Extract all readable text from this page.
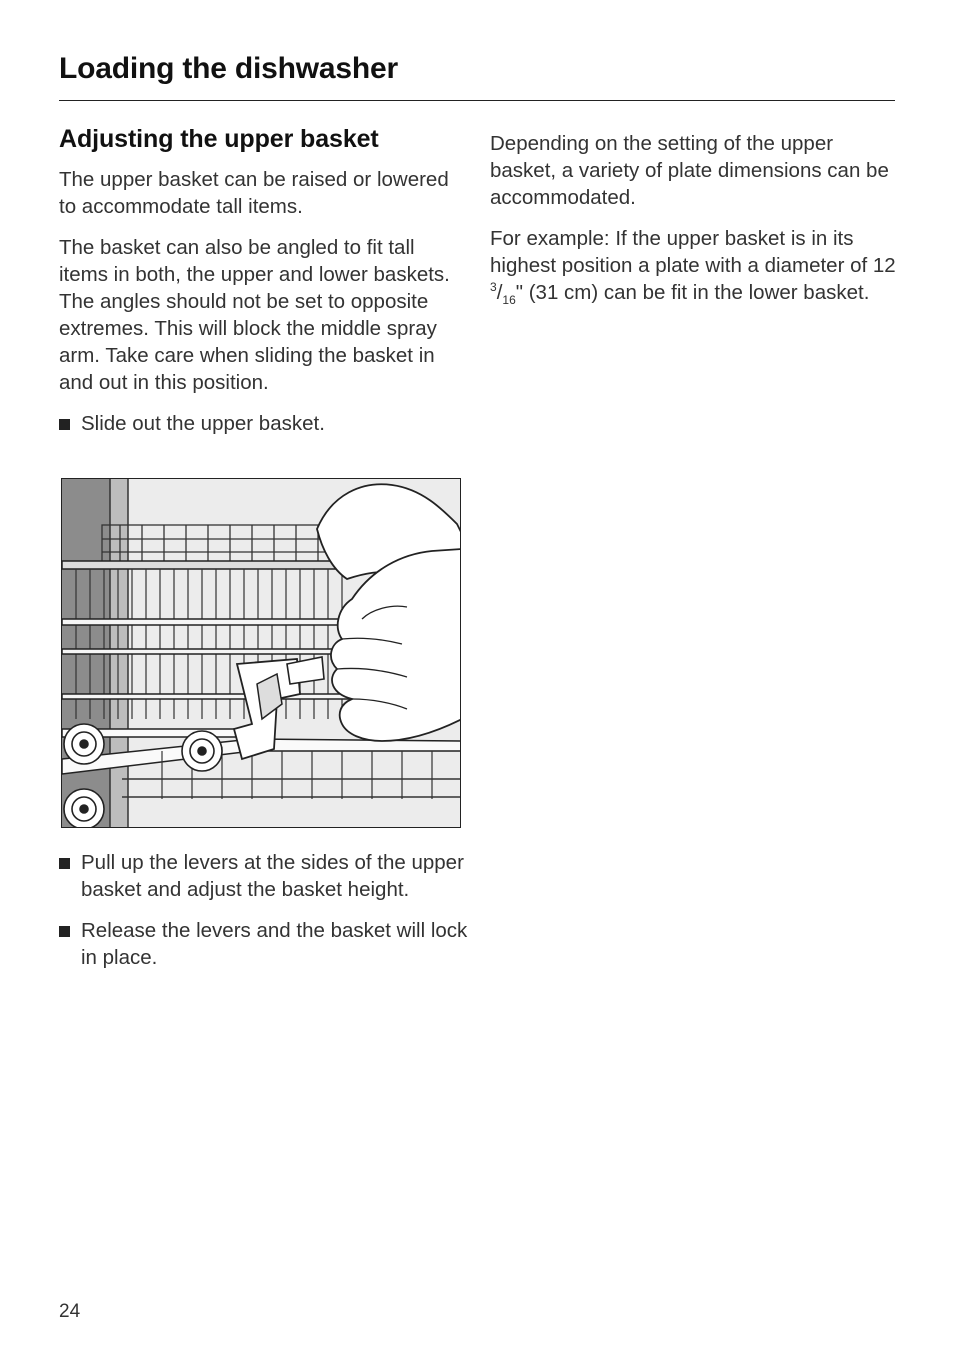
Loading the dishwasher
Adjusting the upper basket

The upper basket can be raised or lowered to accommodate tall items.

The basket can also be angled to fit tall items in both, the upper and lower baskets. The angles should not be set to opposite extremes. This will block the middle spray arm. Take care when sliding the basket in and out in this position.

Slide out the upper basket.
Pull up the levers at the sides of the upper basket and adjust the basket height.
Release the levers and the basket will lock in place.

Depending on the setting of the upper basket, a variety of plate dimensions can be accommodated.

For example: If the upper basket is in its highest position a plate with a diameter of 12 $^3/_{16}$" (31 cm) can be fit in the lower basket.

24
